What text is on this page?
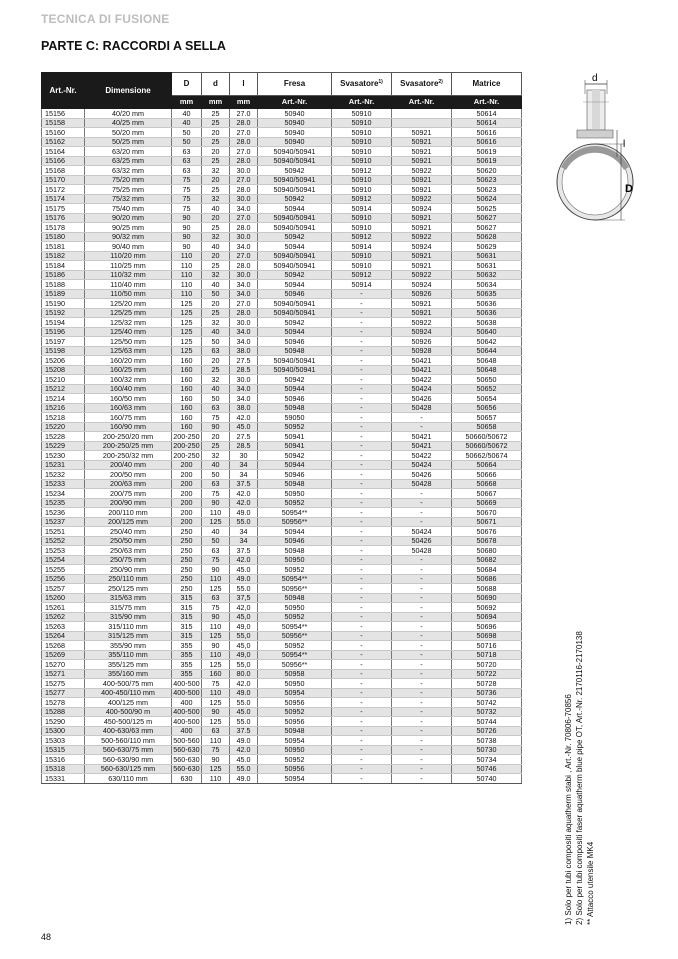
TECNICA DI FUSIONE
PARTE C: RACCORDI A SELLA
Art.-Nr.	Dimensione	D	d	l	Fresa	Svasatore$^{1)}$	Svasatore$^{2)}$	Matrice
		mm	mm	mm	Art.-Nr.	Art.-Nr.	Art.-Nr.	Art.-Nr.
15156	40/20 mm	40	25	27.0	50940	50910		50614
15158	40/25 mm	40	25	28.0	50940	50910		50614
15160	50/20 mm	50	20	27.0	50940	50910	50921	50616
15162	50/25 mm	50	25	28.0	50940	50910	50921	50616
15164	63/20 mm	63	20	27.0	50940/50941	50910	50921	50619
15166	63/25 mm	63	25	28.0	50940/50941	50910	50921	50619
15168	63/32 mm	63	32	30.0	50942	50912	50922	50620
15170	75/20 mm	75	20	27.0	50940/50941	50910	50921	50623
15172	75/25 mm	75	25	28.0	50940/50941	50910	50921	50623
15174	75/32 mm	75	32	30.0	50942	50912	50922	50624
15175	75/40 mm	75	40	34.0	50944	50914	50924	50625
15176	90/20 mm	90	20	27.0	50940/50941	50910	50921	50627
15178	90/25 mm	90	25	28.0	50940/50941	50910	50921	50627
15180	90/32 mm	90	32	30.0	50942	50912	50922	50628
15181	90/40 mm	90	40	34.0	50944	50914	50924	50629
15182	110/20 mm	110	20	27.0	50940/50941	50910	50921	50631
15184	110/25 mm	110	25	28.0	50940/50941	50910	50921	50631
15186	110/32 mm	110	32	30.0	50942	50912	50922	50632
15188	110/40 mm	110	40	34.0	50944	50914	50924	50634
15189	110/50 mm	110	50	34.0	50946	-	50926	50635
15190	125/20 mm	125	20	27.0	50940/50941	-	50921	50636
15192	125/25 mm	125	25	28.0	50940/50941	-	50921	50636
15194	125/32 mm	125	32	30.0	50942	-	50922	50638
15196	125/40 mm	125	40	34.0	50944	-	50924	50640
15197	125/50 mm	125	50	34.0	50946	-	50926	50642
15198	125/63 mm	125	63	38.0	50948	-	50928	50644
15206	160/20 mm	160	20	27.5	50940/50941	-	50421	50648
15208	160/25 mm	160	25	28.5	50940/50941	-	50421	50648
15210	160/32 mm	160	32	30.0	50942	-	50422	50650
15212	160/40 mm	160	40	34.0	50944	-	50424	50652
15214	160/50 mm	160	50	34.0	50946	-	50426	50654
15216	160/63 mm	160	63	38.0	50948	-	50428	50656
15218	160/75 mm	160	75	42.0	59050	-	-	50657
15220	160/90 mm	160	90	45.0	50952	-	-	50658
15228	200-250/20 mm	200-250	20	27.5	50941	-	50421	50660/50672
15229	200-250/25 mm	200-250	25	28.5	50941	-	50421	50660/50672
15230	200-250/32 mm	200-250	32	30	50942	-	50422	50662/50674
15231	200/40 mm	200	40	34	50944	-	50424	50664
15232	200/50 mm	200	50	34	50946	-	50426	50666
15233	200/63 mm	200	63	37.5	50948	-	50428	50668
15234	200/75 mm	200	75	42.0	50950	-	-	50667
15235	200/90 mm	200	90	42.0	50952	-	-	50669
15236	200/110 mm	200	110	49.0	50954**	-	-	50670
15237	200/125 mm	200	125	55.0	50956**	-	-	50671
15251	250/40 mm	250	40	34	50944	-	50424	50676
15252	250/50 mm	250	50	34	50946	-	50426	50678
15253	250/63 mm	250	63	37.5	50948	-	50428	50680
15254	250/75 mm	250	75	42.0	50950	-	-	50682
15255	250/90 mm	250	90	45.0	50952	-	-	50684
15256	250/110 mm	250	110	49.0	50954**	-	-	50686
15257	250/125 mm	250	125	55.0	50956**	-	-	50688
15260	315/63 mm	315	63	37,5	50948	-	-	50690
15261	315/75 mm	315	75	42,0	50950	-	-	50692
15262	315/90 mm	315	90	45,0	50952	-	-	50694
15263	315/110 mm	315	110	49,0	50954**	-	-	50696
15264	315/125 mm	315	125	55,0	50956**	-	-	50698
15268	355/90 mm	355	90	45,0	50952	-	-	50716
15269	355/110 mm	355	110	49,0	50954**	-	-	50718
15270	355/125 mm	355	125	55,0	50956**	-	-	50720
15271	355/160 mm	355	160	80.0	50958	-	-	50722
15275	400-500/75 mm	400-500	75	42.0	50950	-	-	50728
15277	400-450/110 mm	400-500	110	49.0	50954	-	-	50736
15278	400/125 mm	400	125	55.0	50956	-	-	50742
15288	400-500/90 m	400-500	90	45.0	50952	-	-	50732
15290	450-500/125 m	400-500	125	55.0	50956	-	-	50744
15300	400-630/63 mm	400	63	37.5	50948	-	-	50726
15303	500-560/110 mm	500-560	110	49.0	50954	-	-	50738
15315	560-630/75 mm	560-630	75	42.0	50950	-	-	50730
15316	560-630/90 mm	560-630	90	45.0	50952	-	-	50734
15318	560-630/125 mm	560-630	125	55.0	50956	-	-	50746
15331	630/110 mm	630	110	49.0	50954	-	-	50740
d
l
D
1) Solo per tubi compositi aquatherm stabi , Art.-Nr. 70806-70856 2) Solo per tubi compositi faser aquatherm blue pipe OT, Art.-Nr. 2170116-2170138 ** Attacco utensile MK4
48
